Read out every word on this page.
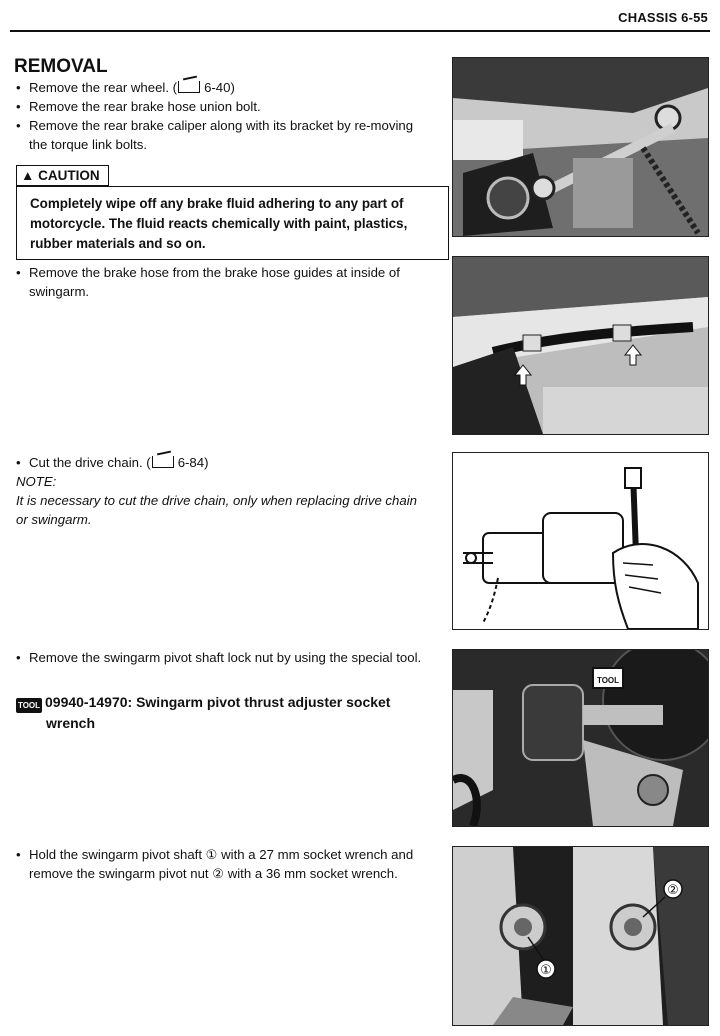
CHASSIS 6-55
REMOVAL
• Remove the rear wheel. ( 6-40)
• Remove the rear brake hose union bolt.
• Remove the rear brake caliper along with its bracket by re-moving the torque link bolts.
▲ CAUTION
Completely wipe off any brake fluid adhering to any part of motorcycle. The fluid reacts chemically with paint, plastics, rubber materials and so on.
• Remove the brake hose from the brake hose guides at inside of swingarm.
• Cut the drive chain. ( 6-84)
NOTE:
It is necessary to cut the drive chain, only when replacing drive chain or swingarm.
• Remove the swingarm pivot shaft lock nut by using the special tool.
TOOL 09940-14970: Swingarm pivot thrust adjuster socket
wrench
• Hold the swingarm pivot shaft ① with a 27 mm socket wrench and remove the swingarm pivot nut ② with a 36 mm socket wrench.
TOOL
①
②
